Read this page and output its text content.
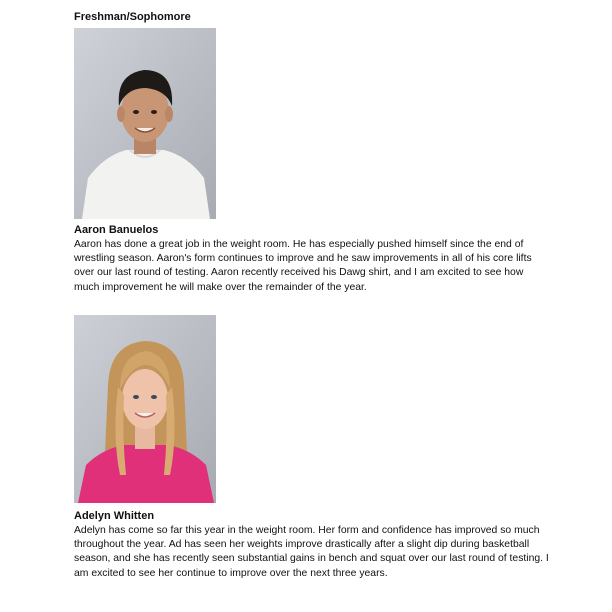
Freshman/Sophomore
Aaron Banuelos
Aaron has done a great job in the weight room. He has especially pushed himself since the end of wrestling season. Aaron's form continues to improve and he saw improvements in all of his core lifts over our last round of testing. Aaron recently received his Dawg shirt, and I am excited to see how much improvement he will make over the remainder of the year.
Adelyn Whitten
Adelyn has come so far this year in the weight room. Her form and confidence has improved so much throughout the year. Ad has seen her weights improve drastically after a slight dip during basketball season, and she has recently seen substantial gains in bench and squat over our last round of testing. I am excited to see her continue to improve over the next three years.
